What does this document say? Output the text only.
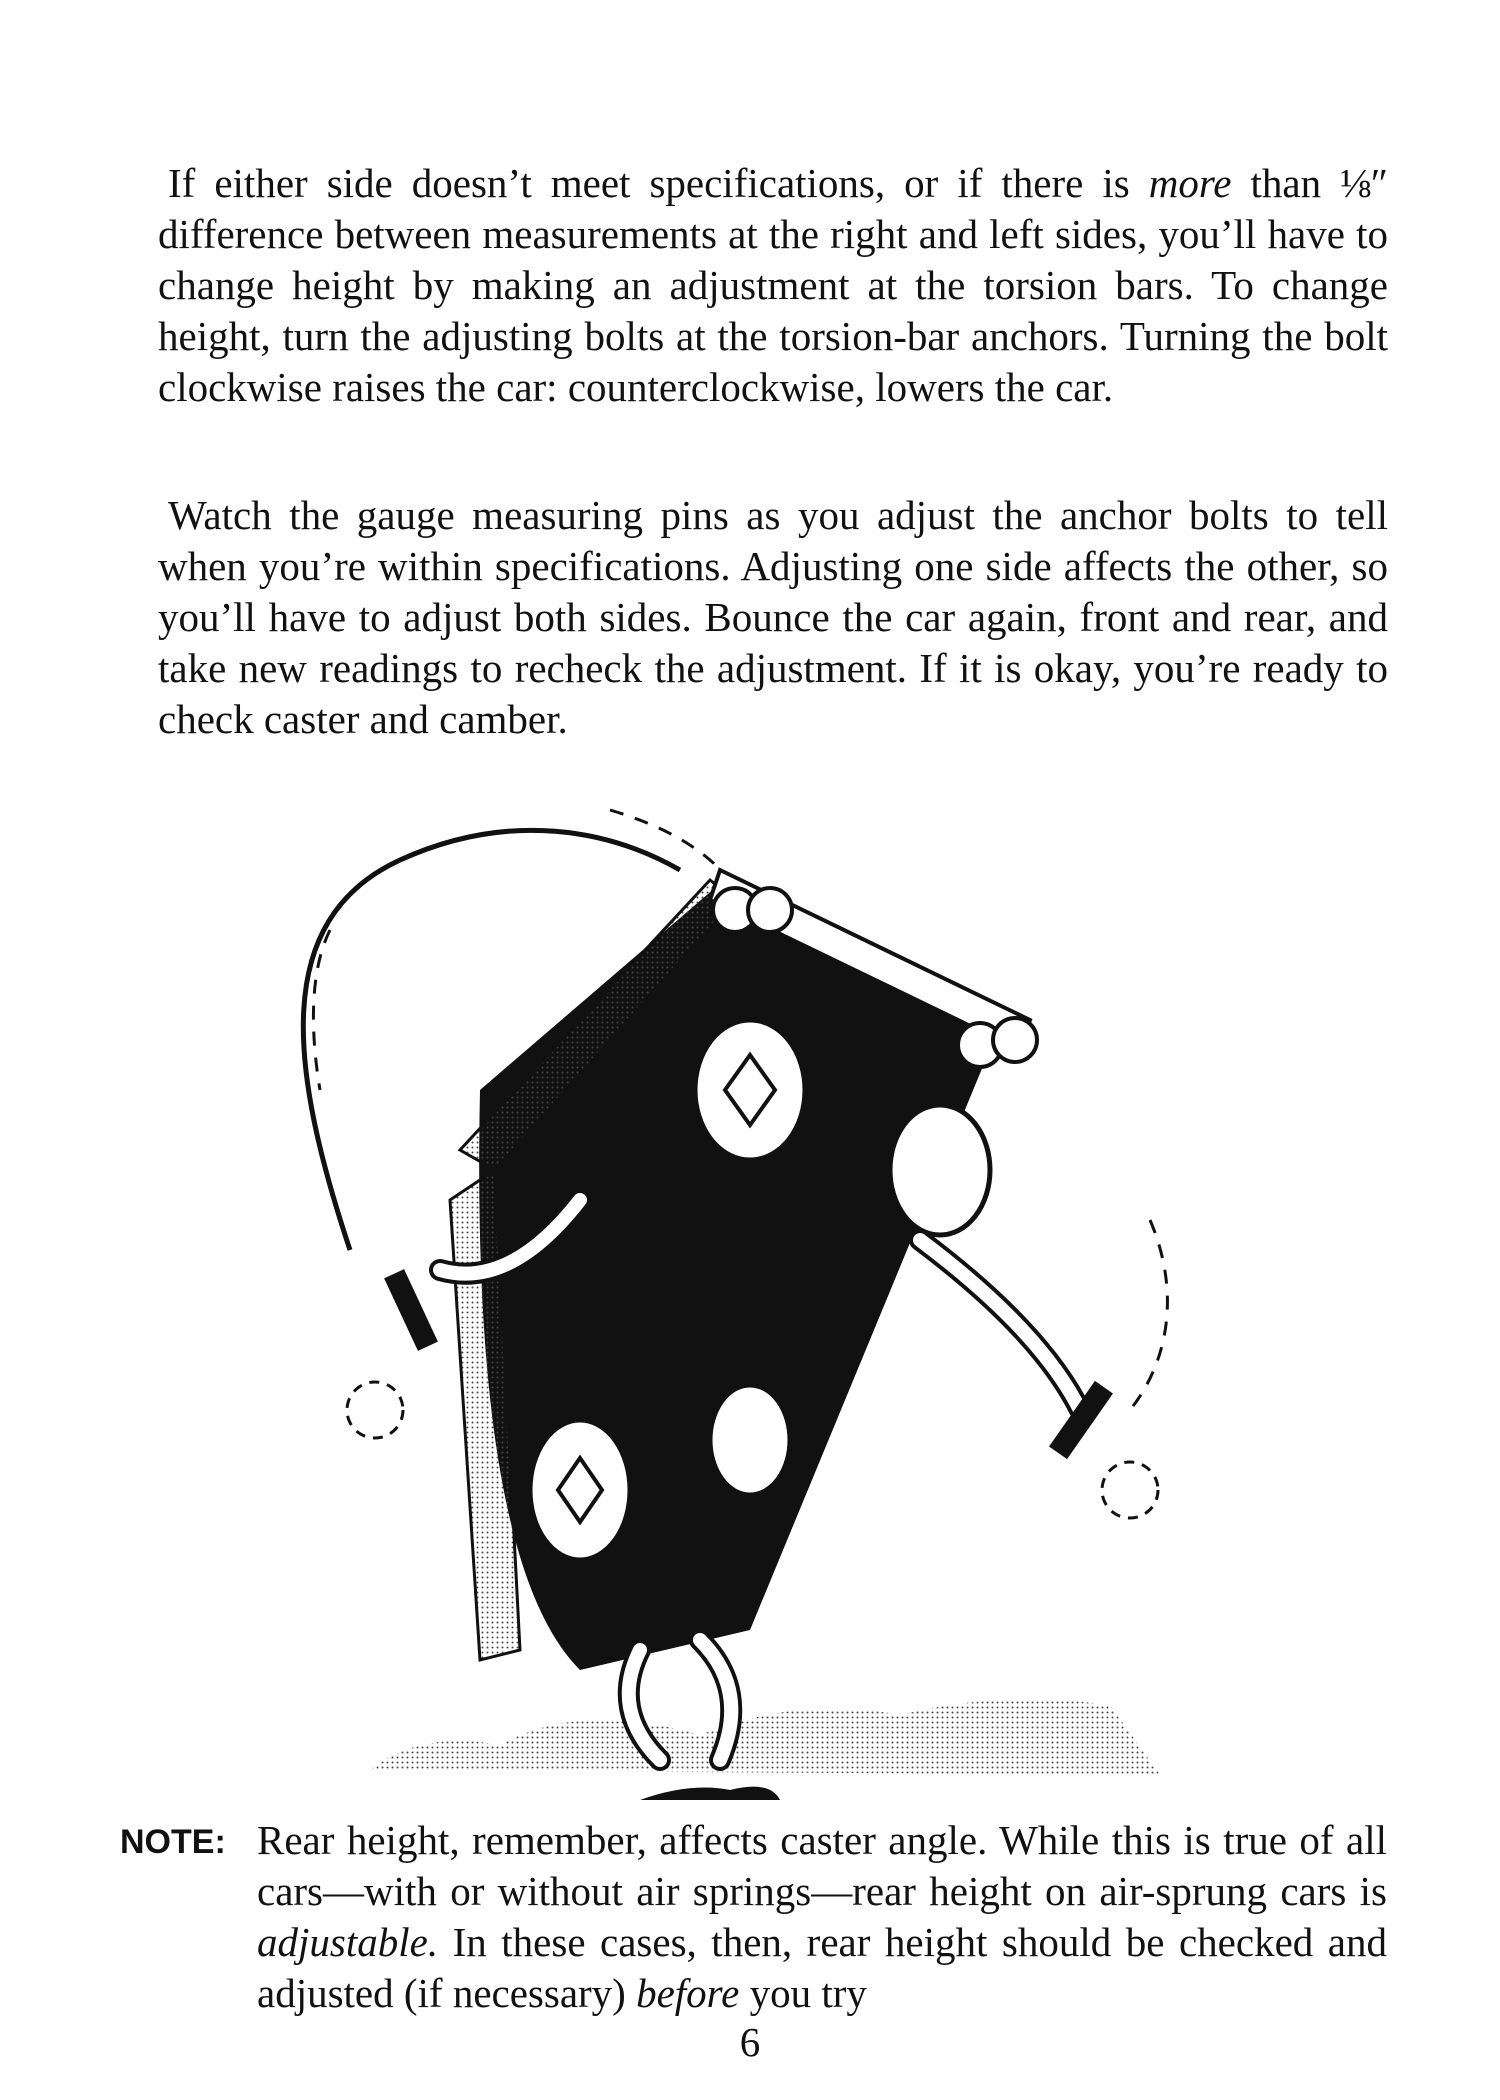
If either side doesn’t meet specifications, or if there is more than ⅛″ difference between measurements at the right and left sides, you’ll have to change height by making an adjustment at the torsion bars. To change height, turn the adjusting bolts at the torsion-bar anchors. Turning the bolt clockwise raises the car: counterclockwise, lowers the car.

Watch the gauge measuring pins as you adjust the anchor bolts to tell when you’re within specifications. Adjusting one side affects the other, so you’ll have to adjust both sides. Bounce the car again, front and rear, and take new readings to recheck the adjustment. If it is okay, you’re ready to check caster and camber.

NOTE: Rear height, remember, affects caster angle. While this is true of all cars—with or without air springs—rear height on air-sprung cars is adjustable. In these cases, then, rear height should be checked and adjusted (if necessary) before you try

6
